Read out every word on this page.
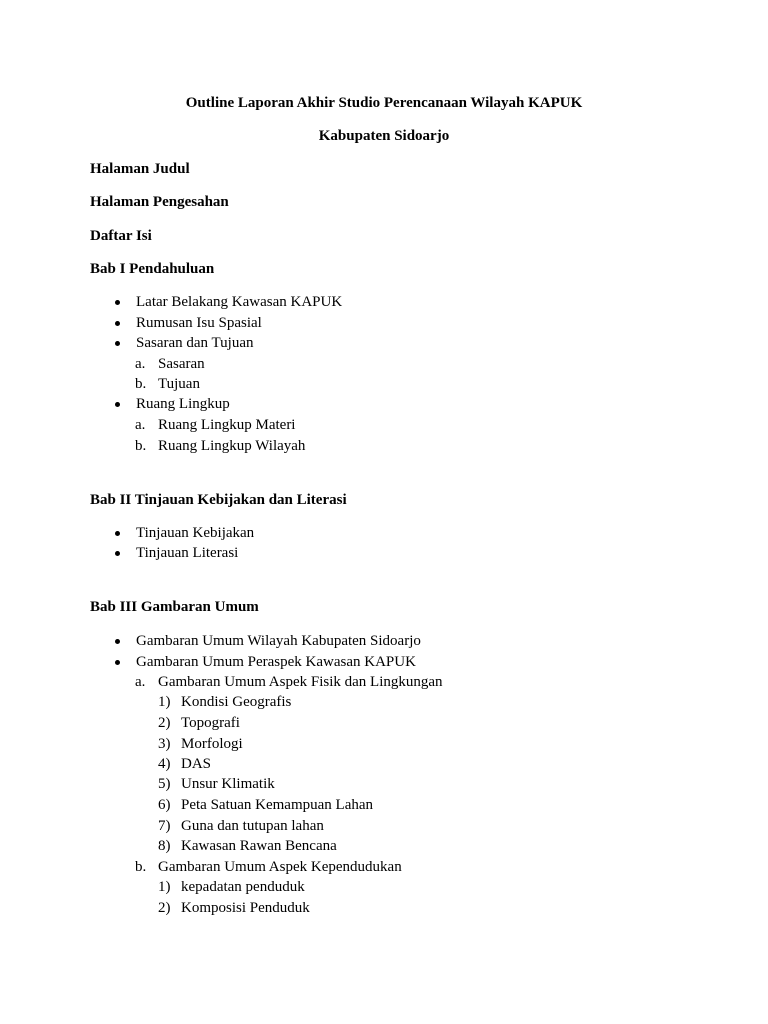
Outline Laporan Akhir Studio Perencanaan Wilayah KAPUK
Kabupaten Sidoarjo
Halaman Judul
Halaman Pengesahan
Daftar Isi
Bab I Pendahuluan
Latar Belakang Kawasan KAPUK
Rumusan Isu Spasial
Sasaran dan Tujuan
a. Sasaran
b. Tujuan
Ruang Lingkup
a. Ruang Lingkup Materi
b. Ruang Lingkup Wilayah
Bab II Tinjauan Kebijakan dan Literasi
Tinjauan Kebijakan
Tinjauan Literasi
Bab III Gambaran Umum
Gambaran Umum Wilayah Kabupaten Sidoarjo
Gambaran Umum Peraspek Kawasan KAPUK
a. Gambaran Umum Aspek Fisik dan Lingkungan
1) Kondisi Geografis
2) Topografi
3) Morfologi
4) DAS
5) Unsur Klimatik
6) Peta Satuan Kemampuan Lahan
7) Guna dan tutupan lahan
8) Kawasan Rawan Bencana
b. Gambaran Umum Aspek Kependudukan
1) kepadatan penduduk
2) Komposisi Penduduk
